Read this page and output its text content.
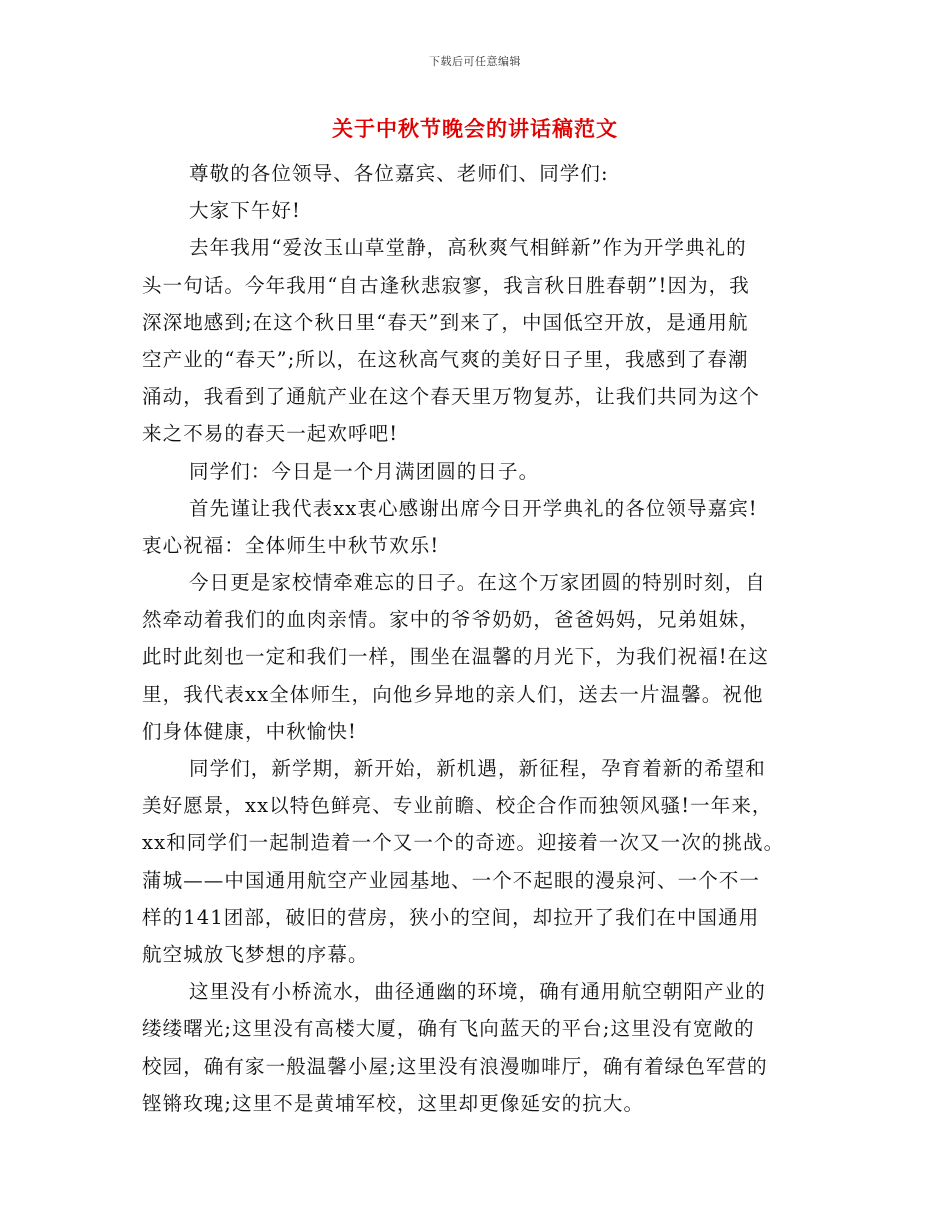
下载后可任意编辑
关于中秋节晚会的讲话稿范文
尊敬的各位领导、各位嘉宾、老师们、同学们:
大家下午好!
去年我用“爱汝玉山草堂静，高秋爽气相鲜新”作为开学典礼的
头一句话。今年我用“自古逢秋悲寂寥，我言秋日胜春朝”!因为，我
深深地感到;在这个秋日里“春天”到来了，中国低空开放，是通用航
空产业的“春天”;所以，在这秋高气爽的美好日子里，我感到了春潮
涌动，我看到了通航产业在这个春天里万物复苏，让我们共同为这个
来之不易的春天一起欢呼吧!
同学们：今日是一个月满团圆的日子。
首先谨让我代表xx衷心感谢出席今日开学典礼的各位领导嘉宾!
衷心祝福：全体师生中秋节欢乐!
今日更是家校情牵难忘的日子。在这个万家团圆的特别时刻，自
然牵动着我们的血肉亲情。家中的爷爷奶奶，爸爸妈妈，兄弟姐妹，
此时此刻也一定和我们一样，围坐在温馨的月光下，为我们祝福!在这
里，我代表xx全体师生，向他乡异地的亲人们，送去一片温馨。祝他
们身体健康，中秋愉快!
同学们，新学期，新开始，新机遇，新征程，孕育着新的希望和
美好愿景，xx以特色鲜亮、专业前瞻、校企合作而独领风骚!一年来，
xx和同学们一起制造着一个又一个的奇迹。迎接着一次又一次的挑战。
蒲城——中国通用航空产业园基地、一个不起眼的漫泉河、一个不一
样的141团部，破旧的营房，狭小的空间，却拉开了我们在中国通用
航空城放飞梦想的序幕。
这里没有小桥流水，曲径通幽的环境，确有通用航空朝阳产业的
缕缕曙光;这里没有高楼大厦，确有飞向蓝天的平台;这里没有宽敞的
校园，确有家一般温馨小屋;这里没有浪漫咖啡厅，确有着绿色军营的
铿锵玫瑰;这里不是黄埔军校，这里却更像延安的抗大。
